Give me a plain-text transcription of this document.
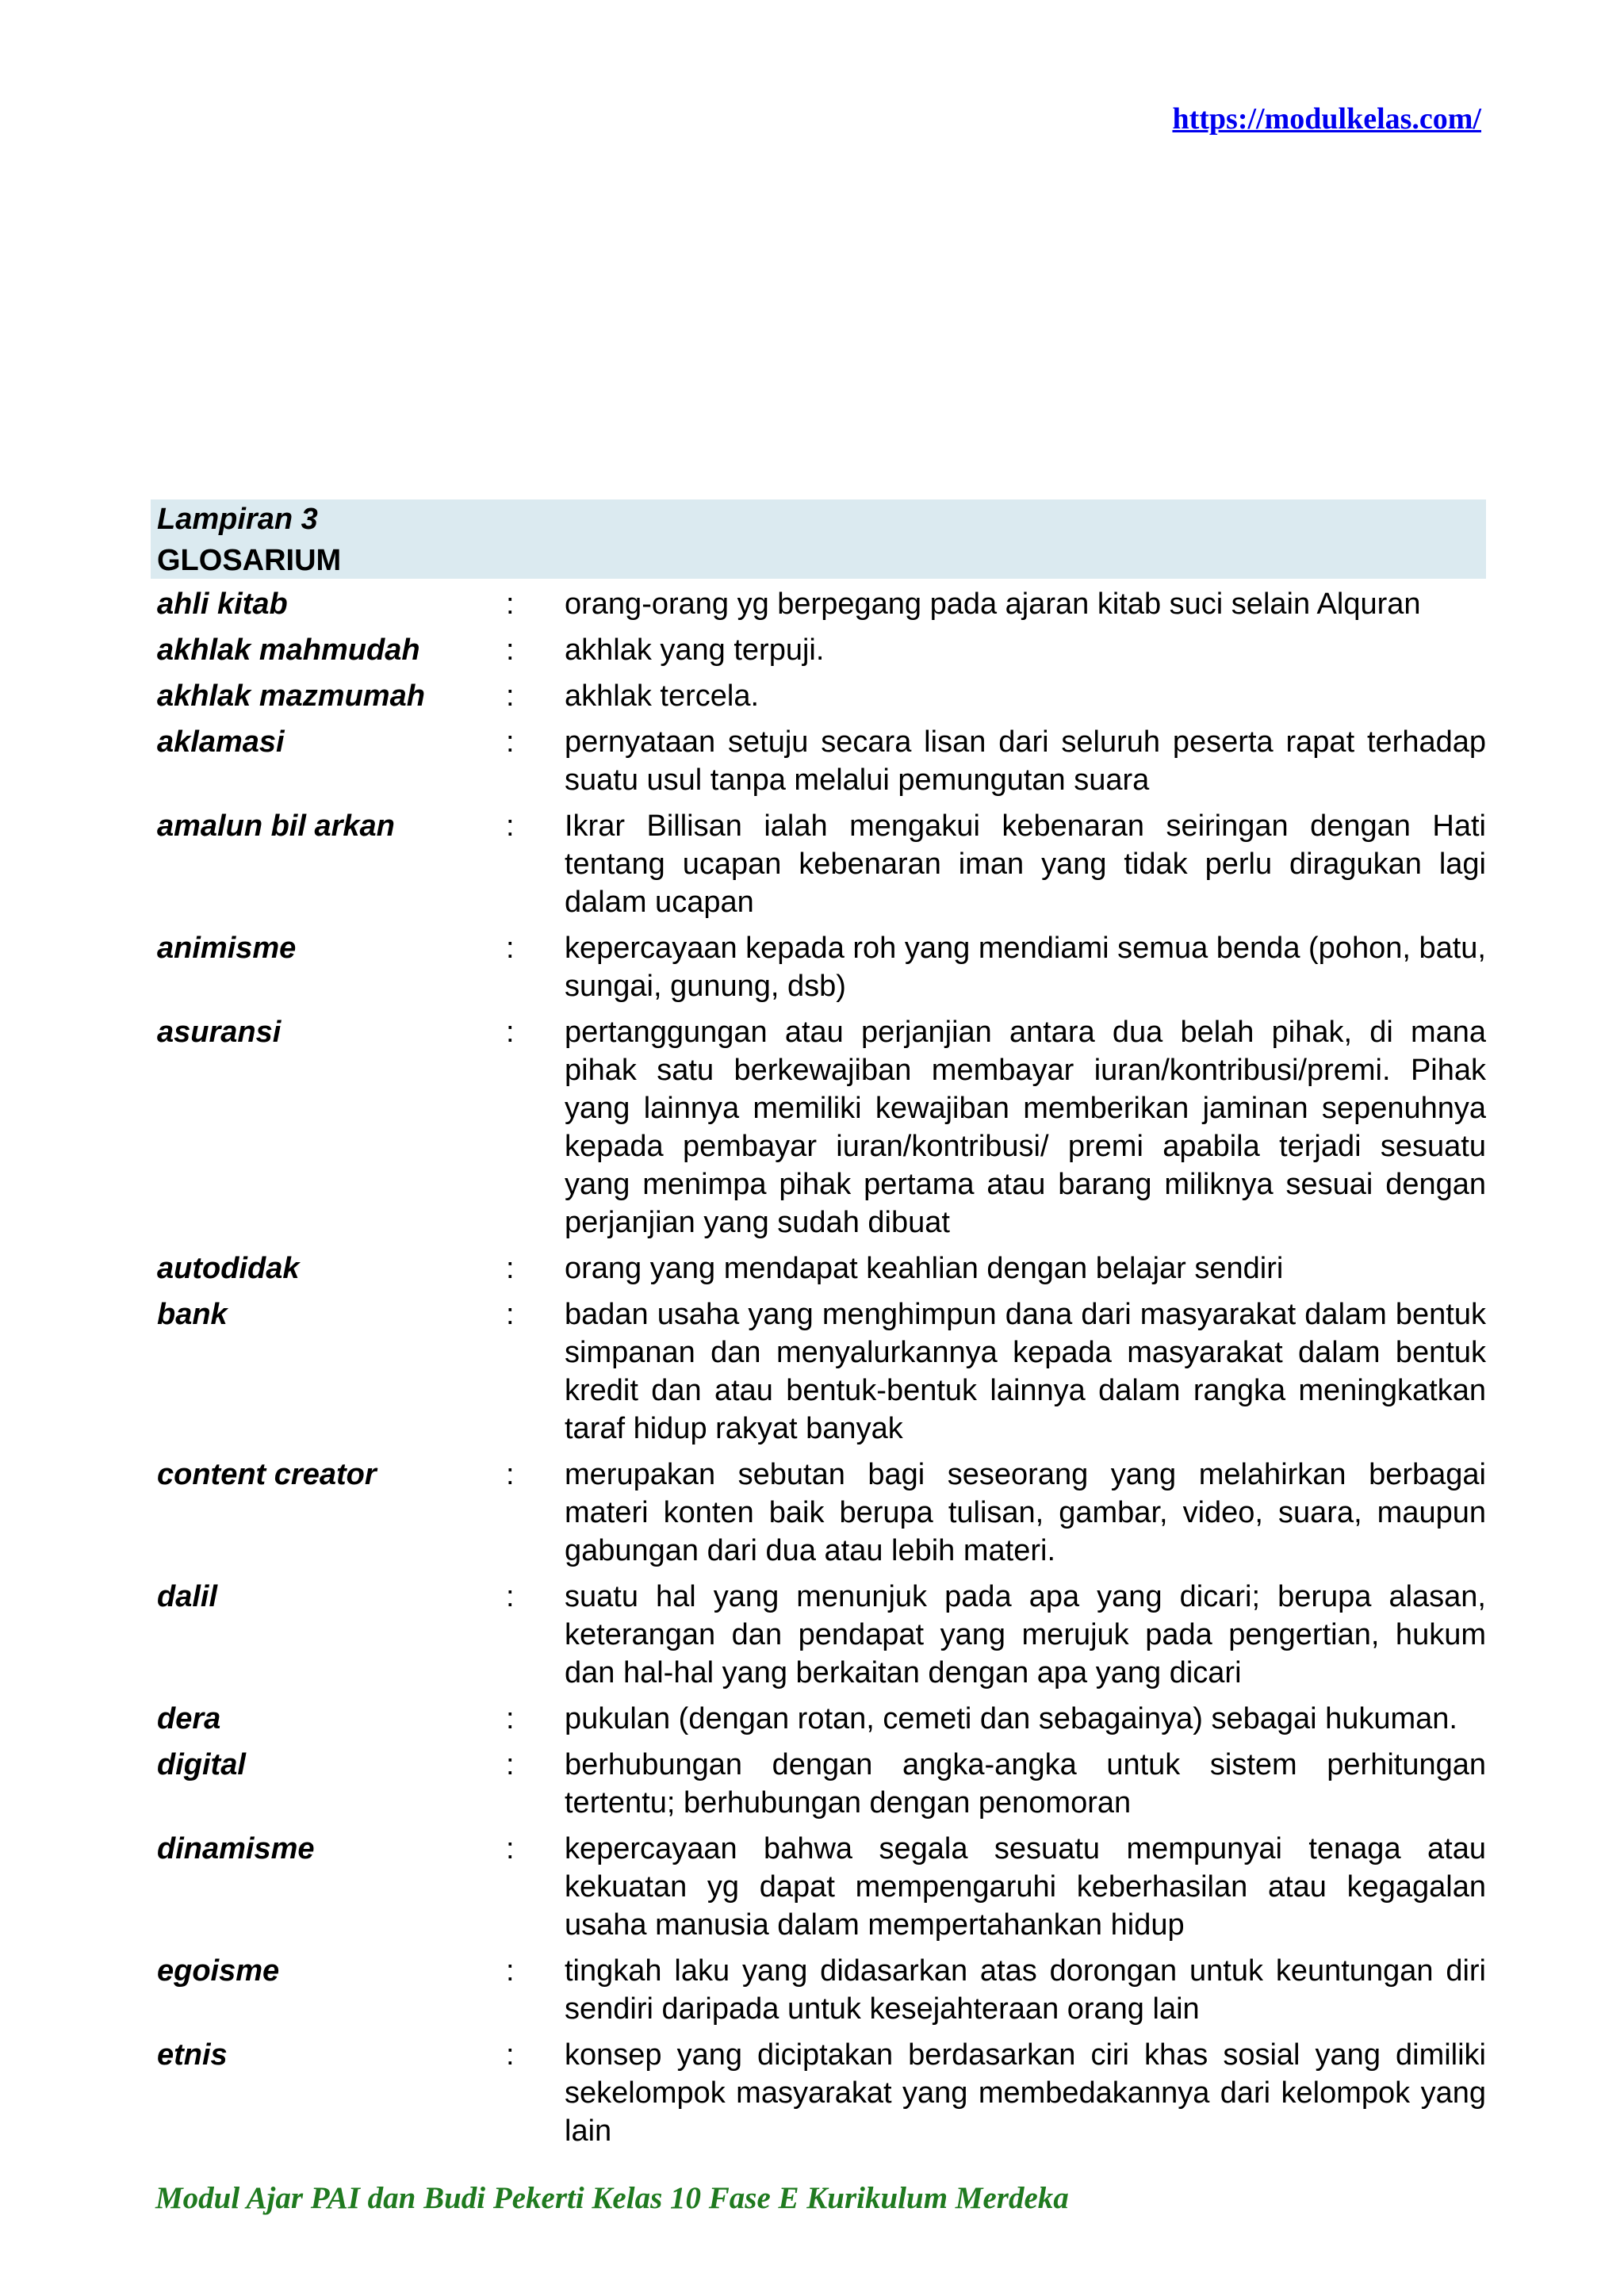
https://modulkelas.com/
Lampiran 3
GLOSARIUM
ahli kitab	:	orang-orang yg berpegang pada ajaran kitab suci selain Alquran
akhlak mahmudah	:	akhlak yang terpuji.
akhlak mazmumah	:	akhlak tercela.
aklamasi	:	pernyataan setuju secara lisan dari seluruh peserta rapat terhadap suatu usul tanpa melalui pemungutan suara
amalun bil arkan	:	Ikrar Billisan ialah mengakui kebenaran seiringan dengan Hati tentang ucapan kebenaran iman yang tidak perlu diragukan lagi dalam ucapan
animisme	:	kepercayaan kepada roh yang mendiami semua benda (pohon, batu, sungai, gunung, dsb)
asuransi	:	pertanggungan atau perjanjian antara dua belah pihak, di mana pihak satu berkewajiban membayar iuran/kontribusi/premi. Pihak yang lainnya memiliki kewajiban memberikan jaminan sepenuhnya kepada pembayar iuran/kontribusi/ premi apabila terjadi sesuatu yang menimpa pihak pertama atau barang miliknya sesuai dengan perjanjian yang sudah dibuat
autodidak	:	orang yang mendapat keahlian dengan belajar sendiri
bank	:	badan usaha yang menghimpun dana dari masyarakat dalam bentuk simpanan dan menyalurkannya kepada masyarakat dalam bentuk kredit dan atau bentuk-bentuk lainnya dalam rangka meningkatkan taraf hidup rakyat banyak
content creator	:	merupakan sebutan bagi seseorang yang melahirkan berbagai materi konten baik berupa tulisan, gambar, video, suara, maupun gabungan dari dua atau lebih materi.
dalil	:	suatu hal yang menunjuk pada apa yang dicari; berupa alasan, keterangan dan pendapat yang merujuk pada pengertian, hukum dan hal-hal yang berkaitan dengan apa yang dicari
dera	:	pukulan (dengan rotan, cemeti dan sebagainya) sebagai hukuman.
digital	:	berhubungan dengan angka-angka untuk sistem perhitungan tertentu; berhubungan dengan penomoran
dinamisme	:	kepercayaan bahwa segala sesuatu mempunyai tenaga atau kekuatan yg dapat mempengaruhi keberhasilan atau kegagalan usaha manusia dalam mempertahankan hidup
egoisme	:	tingkah laku yang didasarkan atas dorongan untuk keuntungan diri sendiri daripada untuk kesejahteraan orang lain
etnis	:	konsep yang diciptakan berdasarkan ciri khas sosial yang dimiliki sekelompok masyarakat yang membedakannya dari kelompok yang lain
Modul Ajar PAI dan Budi Pekerti Kelas 10 Fase E Kurikulum Merdeka
